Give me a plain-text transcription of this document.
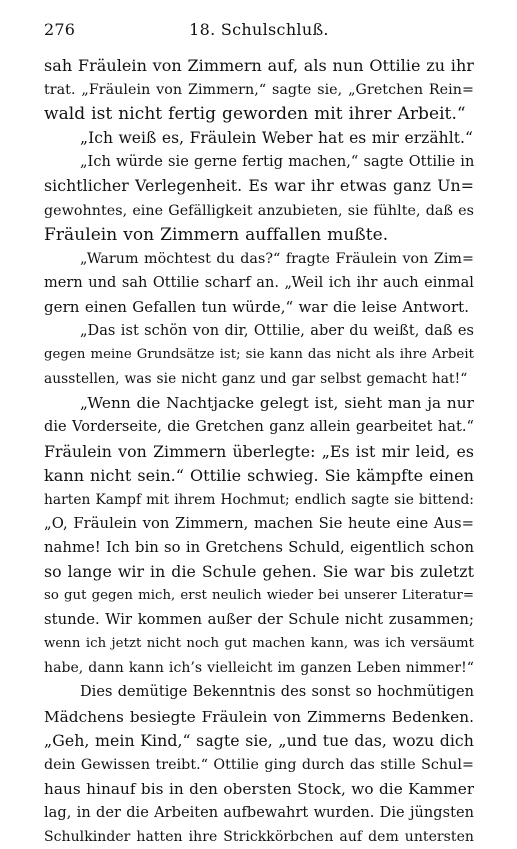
276	18. Schulschluß.
sah Fräulein von Zimmern auf, als nun Ottilie zu ihr
trat. „Fräulein von Zimmern,“ sagte sie, „Gretchen Rein=
wald ist nicht fertig geworden mit ihrer Arbeit.“
„Ich weiß es, Fräulein Weber hat es mir erzählt.“
„Ich würde sie gerne fertig machen,“ sagte Ottilie in
sichtlicher Verlegenheit. Es war ihr etwas ganz Un=
gewohntes, eine Gefälligkeit anzubieten, sie fühlte, daß es
Fräulein von Zimmern auffallen mußte.
„Warum möchtest du das?“ fragte Fräulein von Zim=
mern und sah Ottilie scharf an. „Weil ich ihr auch einmal
gern einen Gefallen tun würde,“ war die leise Antwort.
„Das ist schön von dir, Ottilie, aber du weißt, daß es
gegen meine Grundsätze ist; sie kann das nicht als ihre Arbeit
ausstellen, was sie nicht ganz und gar selbst gemacht hat!“
„Wenn die Nachtjacke gelegt ist, sieht man ja nur
die Vorderseite, die Gretchen ganz allein gearbeitet hat.“
Fräulein von Zimmern überlegte: „Es ist mir leid, es
kann nicht sein.“ Ottilie schwieg. Sie kämpfte einen
harten Kampf mit ihrem Hochmut; endlich sagte sie bittend:
„O, Fräulein von Zimmern, machen Sie heute eine Aus=
nahme! Ich bin so in Gretchens Schuld, eigentlich schon
so lange wir in die Schule gehen. Sie war bis zuletzt
so gut gegen mich, erst neulich wieder bei unserer Literatur=
stunde. Wir kommen außer der Schule nicht zusammen;
wenn ich jetzt nicht noch gut machen kann, was ich versäumt
habe, dann kann ich’s vielleicht im ganzen Leben nimmer!“
Dies demütige Bekenntnis des sonst so hochmütigen
Mädchens besiegte Fräulein von Zimmerns Bedenken.
„Geh, mein Kind,“ sagte sie, „und tue das, wozu dich
dein Gewissen treibt.“ Ottilie ging durch das stille Schul=
haus hinauf bis in den obersten Stock, wo die Kammer
lag, in der die Arbeiten aufbewahrt wurden. Die jüngsten
Schulkinder hatten ihre Strickkörbchen auf dem untersten
